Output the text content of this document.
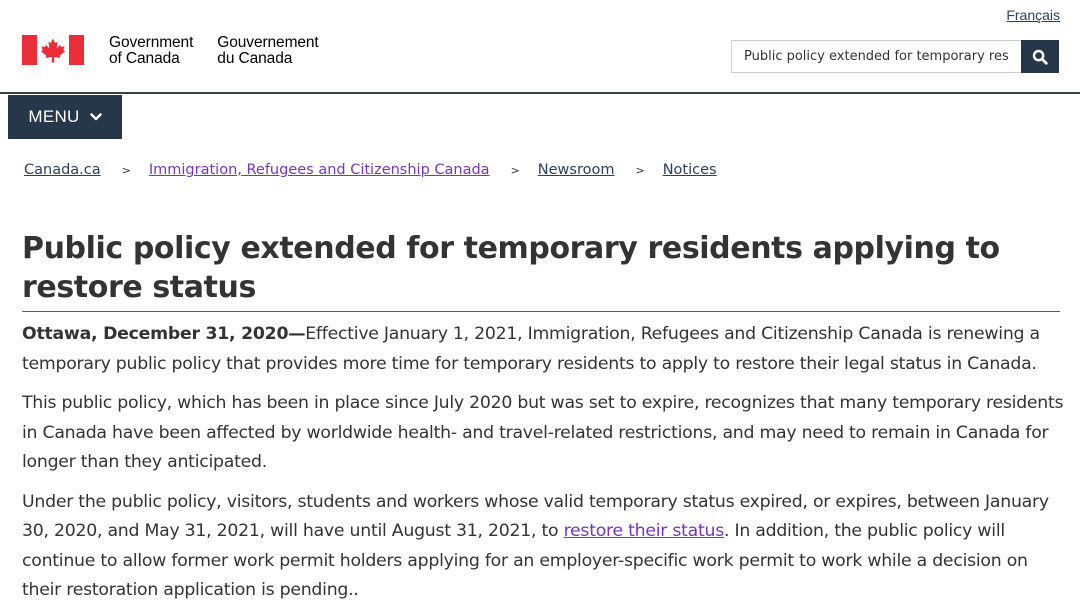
Français
Government
of Canada
Gouvernement
du Canada
Public policy extended for temporary residents applying to restore status
MENU
Canada.ca > Immigration, Refugees and Citizenship Canada > Newsroom > Notices
Public policy extended for temporary residents applying to restore status

Ottawa, December 31, 2020—Effective January 1, 2021, Immigration, Refugees and Citizenship Canada is renewing a temporary public policy that provides more time for temporary residents to apply to restore their legal status in Canada.

This public policy, which has been in place since July 2020 but was set to expire, recognizes that many temporary residents in Canada have been affected by worldwide health- and travel-related restrictions, and may need to remain in Canada for longer than they anticipated.

Under the public policy, visitors, students and workers whose valid temporary status expired, or expires, between January 30, 2020, and May 31, 2021, will have until August 31, 2021, to restore their status. In addition, the public policy will continue to allow former work permit holders applying for an employer-specific work permit to work while a decision on their restoration application is pending..
